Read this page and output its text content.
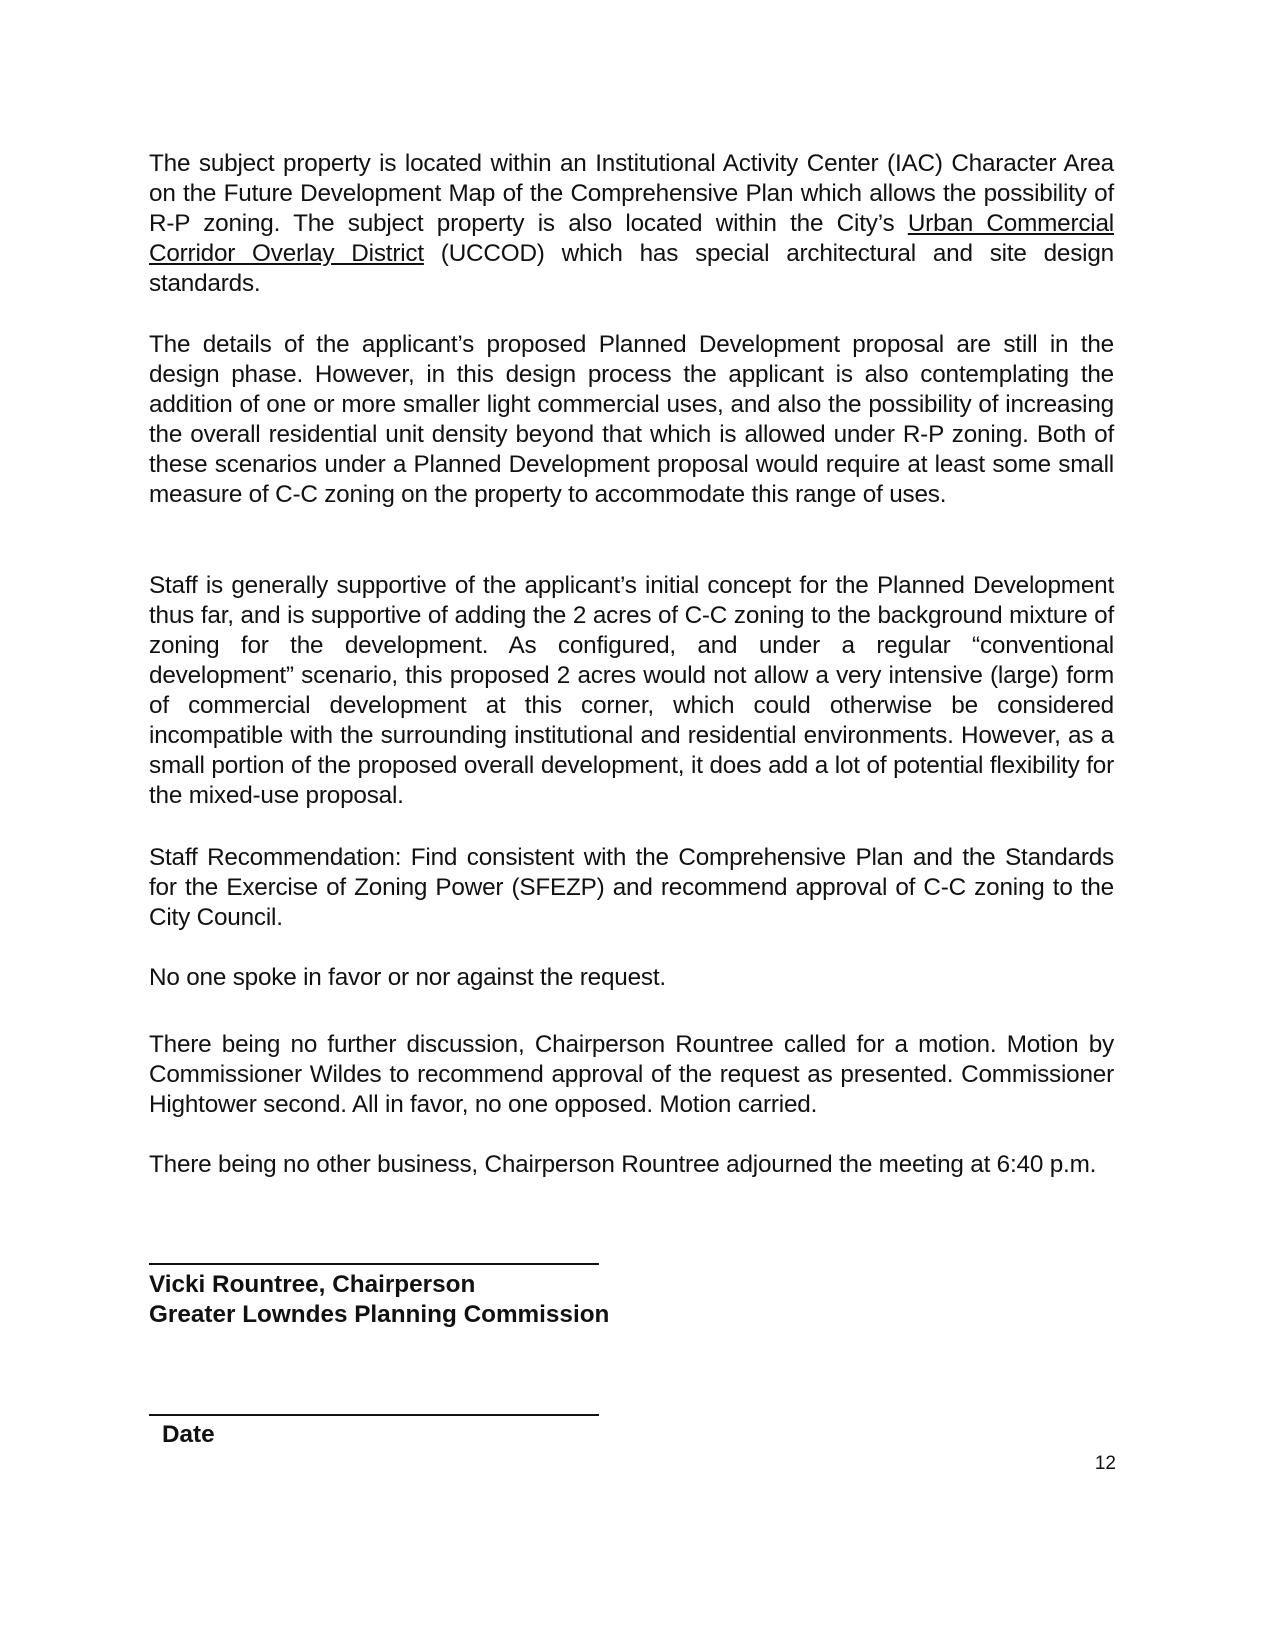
The subject property is located within an Institutional Activity Center (IAC) Character Area on the Future Development Map of the Comprehensive Plan which allows the possibility of R-P zoning. The subject property is also located within the City’s Urban Commercial Corridor Overlay District (UCCOD) which has special architectural and site design standards.

The details of the applicant’s proposed Planned Development proposal are still in the design phase. However, in this design process the applicant is also contemplating the addition of one or more smaller light commercial uses, and also the possibility of increasing the overall residential unit density beyond that which is allowed under R-P zoning. Both of these scenarios under a Planned Development proposal would require at least some small measure of C-C zoning on the property to accommodate this range of uses.

Staff is generally supportive of the applicant’s initial concept for the Planned Development thus far, and is supportive of adding the 2 acres of C-C zoning to the background mixture of zoning for the development. As configured, and under a regular “conventional development” scenario, this proposed 2 acres would not allow a very intensive (large) form of commercial development at this corner, which could otherwise be considered incompatible with the surrounding institutional and residential environments. However, as a small portion of the proposed overall development, it does add a lot of potential flexibility for the mixed-use proposal.

Staff Recommendation: Find consistent with the Comprehensive Plan and the Standards for the Exercise of Zoning Power (SFEZP) and recommend approval of C-C zoning to the City Council.

No one spoke in favor or nor against the request.

There being no further discussion, Chairperson Rountree called for a motion. Motion by Commissioner Wildes to recommend approval of the request as presented. Commissioner Hightower second. All in favor, no one opposed. Motion carried.

There being no other business, Chairperson Rountree adjourned the meeting at 6:40 p.m.

Vicki Rountree, Chairperson
Greater Lowndes Planning Commission
Date
12
